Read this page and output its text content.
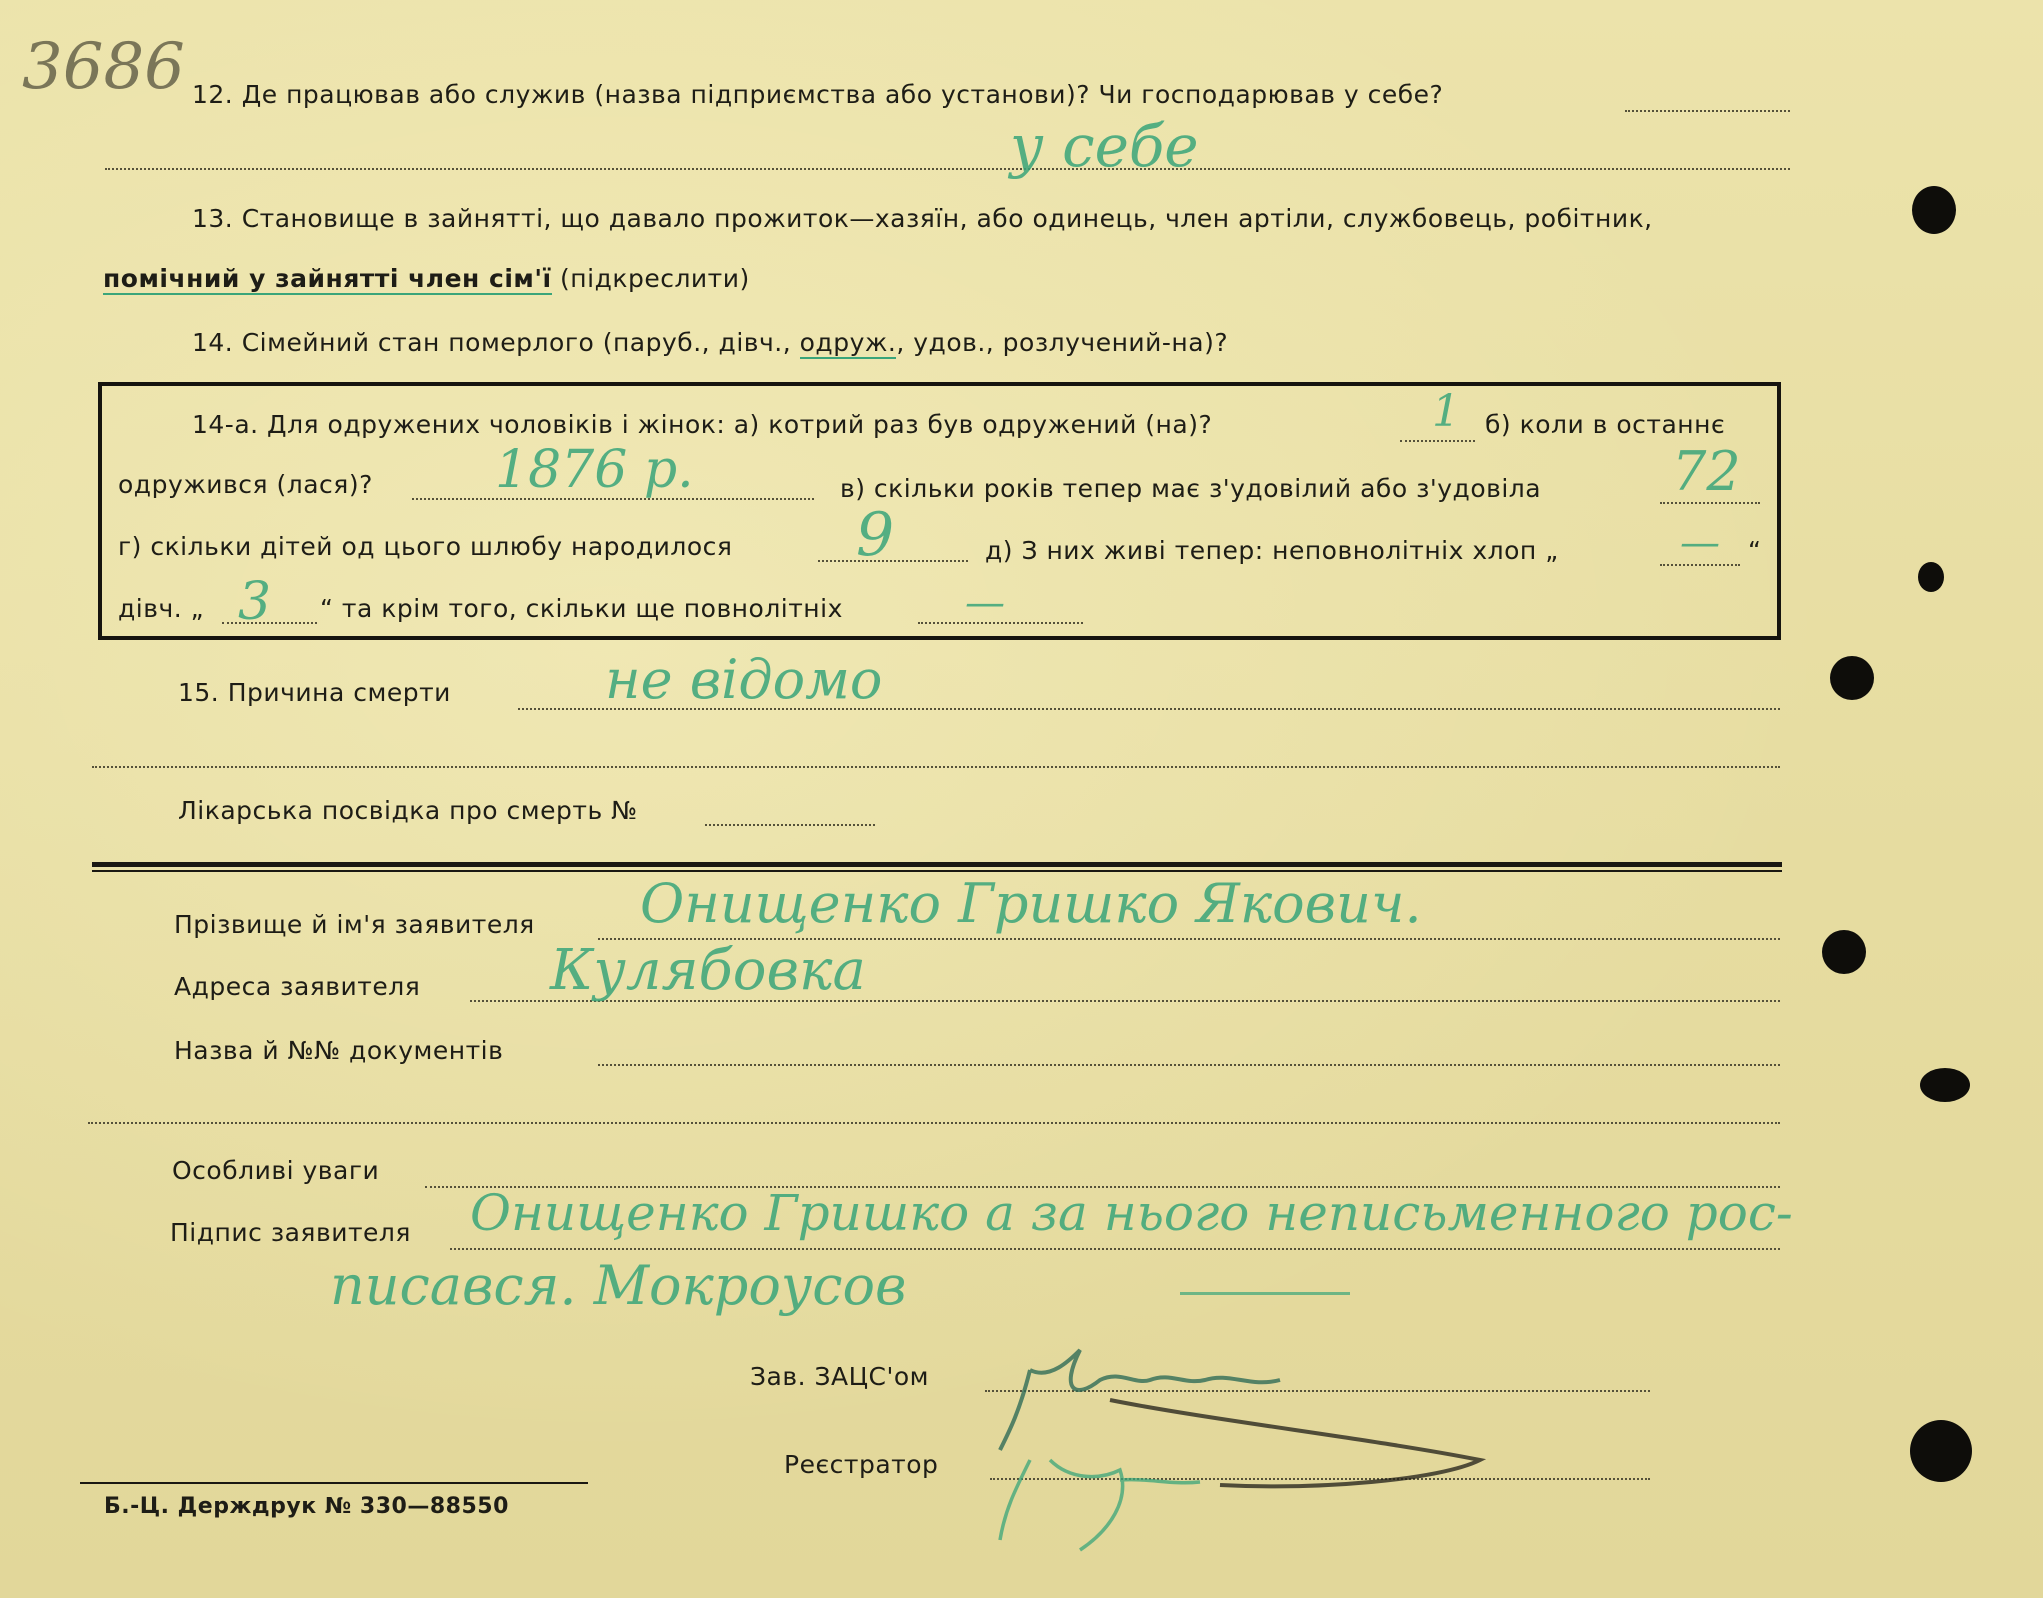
3686 12. Де працював або служив (назва підприємства або установи)? Чи господарював у себе?
у себе
13. Становище в зайнятті, що давало прожиток—хазяїн, або одинець, член артіли, службовець, робітник,
помічний у зайнятті член сім'ї (підкреслити)
14. Сімейний стан померлого (паруб., дівч., одруж., удов., розлучений-на)?
14-а. Для одружених чоловіків і жінок: а) котрий раз був одружений (на)?	1 б) коли в останнє
одружився (лася)? 1876 р.	в) скільки років тепер має з'удовілий або з'удовіла 72
г) скільки дітей од цього шлюбу народилося 9	д) З них живі тепер: неповнолітніх хлоп „	— “
дівч. „ 3 “ та крім того, скільки ще повнолітніх	—
15. Причина смерти	не відомо
Лікарська посвідка про смерть №
Прізвище й ім'я заявителя Онищенко Гришко Якович.
Адреса заявителя Кулябовка
Назва й №№ документів
Особливі уваги
Підпис заявителя Онищенко Гришко а за нього неписьменного рос-
писався. Мокроусов
Зав. ЗАЦС'ом
Реєстратор
Б.-Ц. Держдрук № 330—88550
